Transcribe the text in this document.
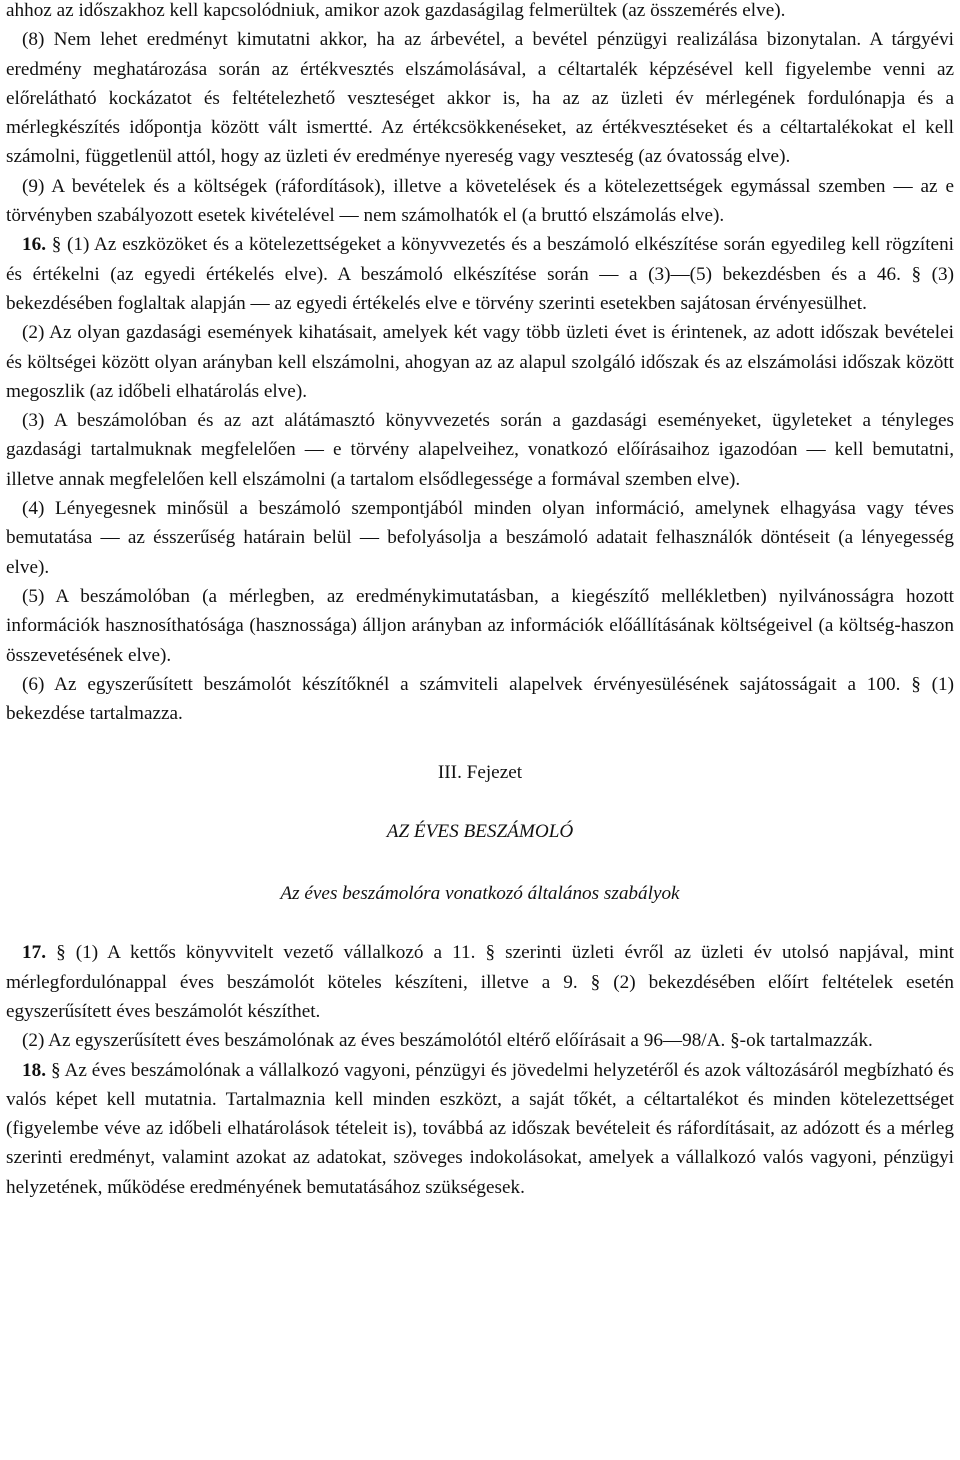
ahhoz az időszakhoz kell kapcsolódniuk, amikor azok gazdaságilag felmerültek (az összemérés elve).

(8) Nem lehet eredményt kimutatni akkor, ha az árbevétel, a bevétel pénzügyi realizálása bizonytalan. A tárgyévi eredmény meghatározása során az értékvesztés elszámolásával, a céltartalék képzésével kell figyelembe venni az előrelátható kockázatot és feltételezhető veszteséget akkor is, ha az az üzleti év mérlegének fordulónapja és a mérlegkészítés időpontja között vált ismertté. Az értékcsökkenéseket, az értékvesztéseket és a céltartalékokat el kell számolni, függetlenül attól, hogy az üzleti év eredménye nyereség vagy veszteség (az óvatosság elve).

(9) A bevételek és a költségek (ráfordítások), illetve a követelések és a kötelezettségek egymással szemben ― az e törvényben szabályozott esetek kivételével ― nem számolhatók el (a bruttó elszámolás elve).

16. § (1) Az eszközöket és a kötelezettségeket a könyvvezetés és a beszámoló elkészítése során egyedileg kell rögzíteni és értékelni (az egyedi értékelés elve). A beszámoló elkészítése során ― a (3)―(5) bekezdésben és a 46. § (3) bekezdésében foglaltak alapján ― az egyedi értékelés elve e törvény szerinti esetekben sajátosan érvényesülhet.

(2) Az olyan gazdasági események kihatásait, amelyek két vagy több üzleti évet is érintenek, az adott időszak bevételei és költségei között olyan arányban kell elszámolni, ahogyan az az alapul szolgáló időszak és az elszámolási időszak között megoszlik (az időbeli elhatárolás elve).

(3) A beszámolóban és az azt alátámasztó könyvvezetés során a gazdasági eseményeket, ügyleteket a tényleges gazdasági tartalmuknak megfelelően ― e törvény alapelveihez, vonatkozó előírásaihoz igazodóan ― kell bemutatni, illetve annak megfelelően kell elszámolni (a tartalom elsődlegessége a formával szemben elve).

(4) Lényegesnek minősül a beszámoló szempontjából minden olyan információ, amelynek elhagyása vagy téves bemutatása ― az ésszerűség határain belül ― befolyásolja a beszámoló adatait felhasználók döntéseit (a lényegesség elve).

(5) A beszámolóban (a mérlegben, az eredménykimutatásban, a kiegészítő mellékletben) nyilvánosságra hozott információk hasznosíthatósága (hasznossága) álljon arányban az információk előállításának költségeivel (a költség-haszon összevetésének elve).

(6) Az egyszerűsített beszámolót készítőknél a számviteli alapelvek érvényesülésének sajátosságait a 100. § (1) bekezdése tartalmazza.

III. Fejezet

AZ ÉVES BESZÁMOLÓ

Az éves beszámolóra vonatkozó általános szabályok

17. § (1) A kettős könyvvitelt vezető vállalkozó a 11. § szerinti üzleti évről az üzleti év utolsó napjával, mint mérlegfordulónappal éves beszámolót köteles készíteni, illetve a 9. § (2) bekezdésében előírt feltételek esetén egyszerűsített éves beszámolót készíthet.

(2) Az egyszerűsített éves beszámolónak az éves beszámolótól eltérő előírásait a 96―98/A. §-ok tartalmazzák.

18. § Az éves beszámolónak a vállalkozó vagyoni, pénzügyi és jövedelmi helyzetéről és azok változásáról megbízható és valós képet kell mutatnia. Tartalmaznia kell minden eszközt, a saját tőkét, a céltartalékot és minden kötelezettséget (figyelembe véve az időbeli elhatárolások tételeit is), továbbá az időszak bevételeit és ráfordításait, az adózott és a mérleg szerinti eredményt, valamint azokat az adatokat, szöveges indokolásokat, amelyek a vállalkozó valós vagyoni, pénzügyi helyzetének, működése eredményének bemutatásához szükségesek.
